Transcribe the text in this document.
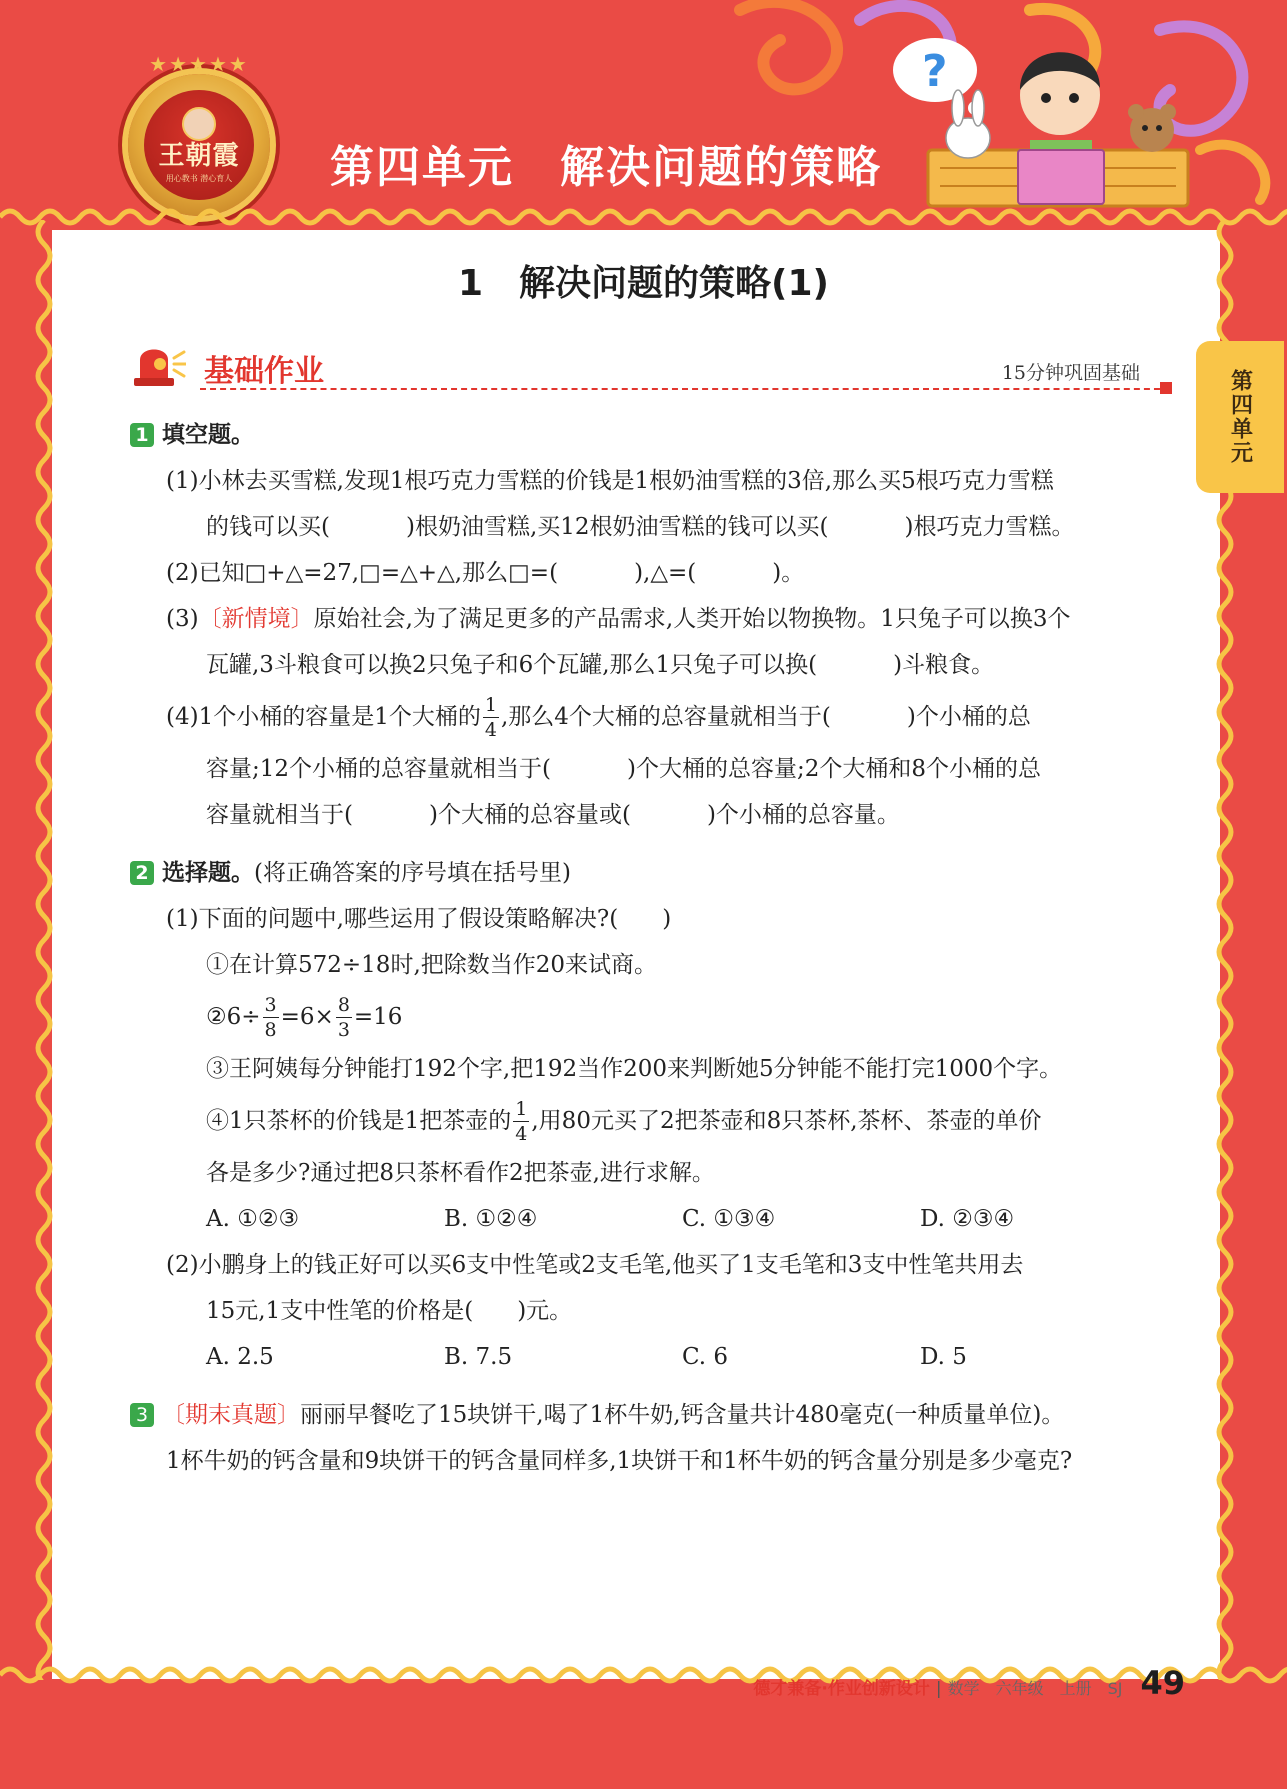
?
★★★★★
王朝霞
用心教书 潜心育人 第四单元　解决问题的策略
第四单元
1　解决问题的策略(1)
基础作业	15分钟巩固基础
1 填空题。
(1)小林去买雪糕,发现1根巧克力雪糕的价钱是1根奶油雪糕的3倍,那么买5根巧克力雪糕
的钱可以买(	)根奶油雪糕,买12根奶油雪糕的钱可以买(	)根巧克力雪糕。
(2)已知□+△=27,□=△+△,那么□=(	),△=(	)。
(3)〔新情境〕原始社会,为了满足更多的产品需求,人类开始以物换物。1只兔子可以换3个
瓦罐,3斗粮食可以换2只兔子和6个瓦罐,那么1只兔子可以换(	)斗粮食。
(4)1个小桶的容量是1个大桶的 $\frac{1}{4}$ ,那么4个大桶的总容量就相当于(	)个小桶的总
容量;12个小桶的总容量就相当于(	)个大桶的总容量;2个大桶和8个小桶的总
容量就相当于(	)个大桶的总容量或(	)个小桶的总容量。
2 选择题。 (将正确答案的序号填在括号里)
(1)下面的问题中,哪些运用了假设策略解决?( )
①在计算572÷18时,把除数当作20来试商。
②6÷ $\frac{3}{8} =6\times \frac{8}{3} =16$
③王阿姨每分钟能打192个字,把192当作200来判断她5分钟能不能打完1000个字。
④1只茶杯的价钱是1把茶壶的 $\frac{1}{4}$ ,用80元买了2把茶壶和8只茶杯,茶杯、茶壶的单价
各是多少?通过把8只茶杯看作2把茶壶,进行求解。
A. ①②③	B. ①②④	C. ①③④	D. ②③④
(2)小鹏身上的钱正好可以买6支中性笔或2支毛笔,他买了1支毛笔和3支中性笔共用去
15元,1支中性笔的价格是( )元。
A. 2.5	B. 7.5	C. 6	D. 5
3 〔期末真题〕 丽丽早餐吃了15块饼干,喝了1杯牛奶,钙含量共计480毫克(一种质量单位)。
1杯牛奶的钙含量和9块饼干的钙含量同样多,1块饼干和1杯牛奶的钙含量分别是多少毫克?
德才兼备·作业创新设计 | 数学　六年级　上册　SJ 49
